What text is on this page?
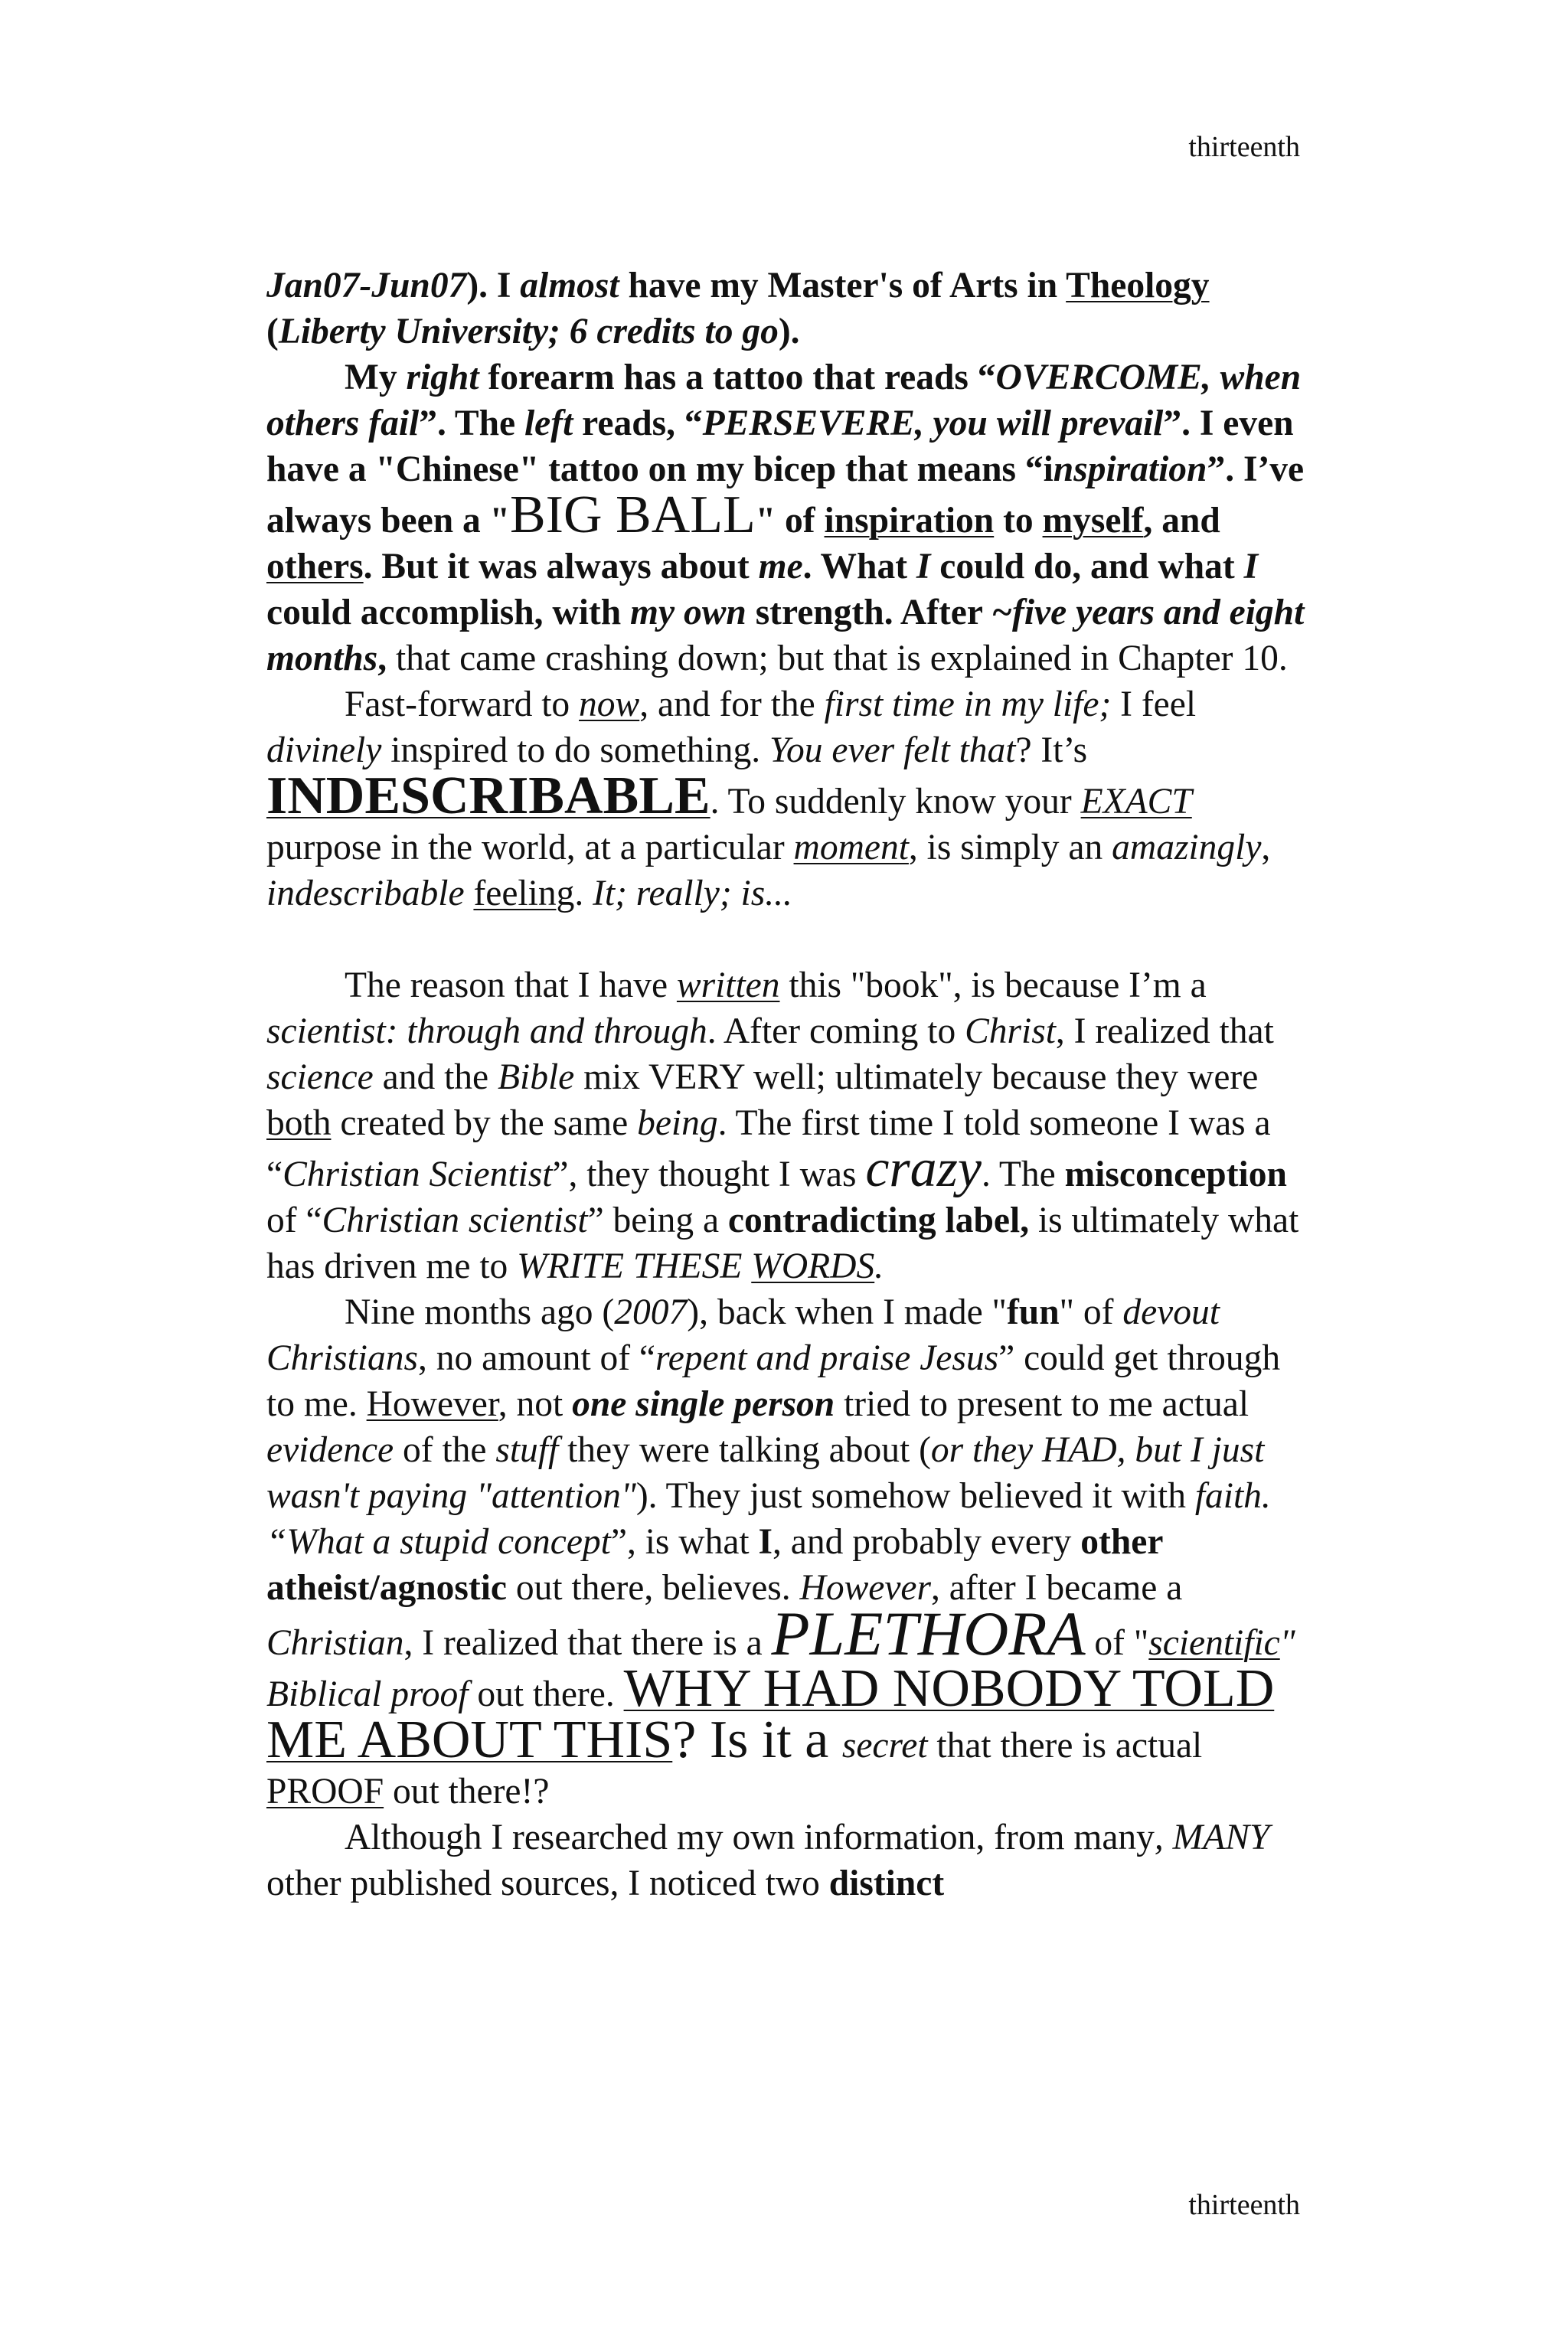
thirteenth

Jan07-Jun07). I almost have my Master's of Arts in Theology
(Liberty University; 6 credits to go).

My right forearm has a tattoo that reads “OVERCOME, when others fail”. The left reads, “PERSEVERE, you will prevail”. I even have a "Chinese" tattoo on my bicep that means “inspiration”. I’ve always been a "BIG BALL" of inspiration to myself, and others. But it was always about me. What I could do, and what I could accomplish, with my own strength. After ~five years and eight months, that came crashing down; but that is explained in Chapter 10.

Fast-forward to now, and for the first time in my life; I feel divinely inspired to do something. You ever felt that? It’s INDESCRIBABLE. To suddenly know your EXACT purpose in the world, at a particular moment, is simply an amazingly, indescribable feeling. It; really; is...

The reason that I have written this "book", is because I’m a scientist: through and through. After coming to Christ, I realized that science and the Bible mix VERY well; ultimately because they were both created by the same being. The first time I told someone I was a “Christian Scientist”, they thought I was crazy. The misconception of “Christian scientist” being a contradicting label, is ultimately what has driven me to WRITE THESE WORDS.

Nine months ago (2007), back when I made "fun" of devout Christians, no amount of “repent and praise Jesus” could get through to me. However, not one single person tried to present to me actual evidence of the stuff they were talking about (or they HAD, but I just wasn't paying "attention"). They just somehow believed it with faith. “What a stupid concept”, is what I, and probably every other atheist/agnostic out there, believes. However, after I became a Christian, I realized that there is a PLETHORA of "scientific" Biblical proof out there. WHY HAD NOBODY TOLD ME ABOUT THIS? Is it a secret that there is actual PROOF out there!?

Although I researched my own information, from many, MANY other published sources, I noticed two distinct

thirteenth
